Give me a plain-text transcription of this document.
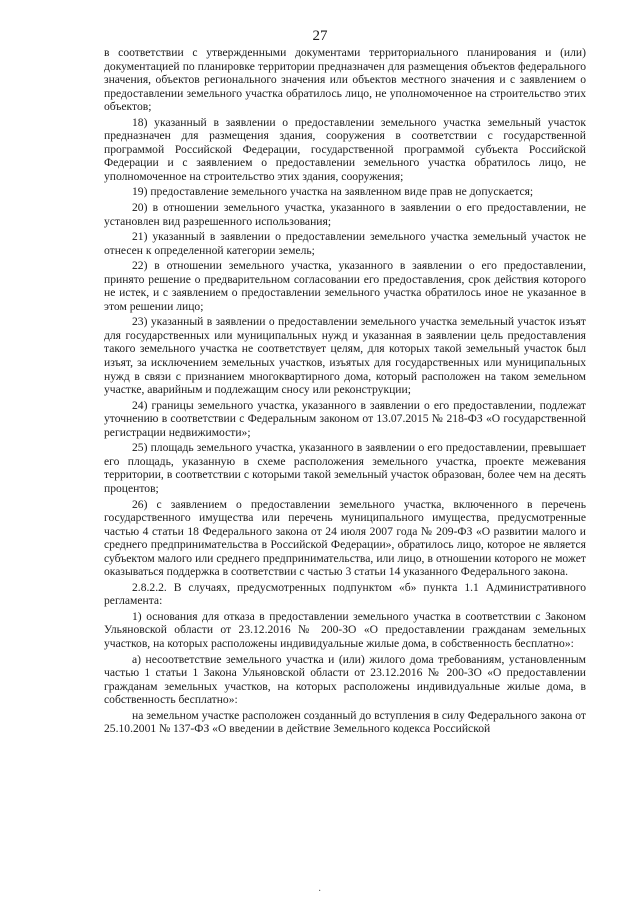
27

в соответствии с утвержденными документами территориального планирования и (или) документацией по планировке территории предназначен для размещения объектов федерального значения, объектов регионального значения или объектов местного значения и с заявлением о предоставлении земельного участка обратилось лицо, не уполномоченное на строительство этих объектов;

18) указанный в заявлении о предоставлении земельного участка земельный участок предназначен для размещения здания, сооружения в соответствии с государственной программой Российской Федерации, государственной программой субъекта Российской Федерации и с заявлением о предоставлении земельного участка обратилось лицо, не уполномоченное на строительство этих здания, сооружения;

19) предоставление земельного участка на заявленном виде прав не допускается;

20) в отношении земельного участка, указанного в заявлении о его предоставлении, не установлен вид разрешенного использования;

21) указанный в заявлении о предоставлении земельного участка земельный участок не отнесен к определенной категории земель;

22) в отношении земельного участка, указанного в заявлении о его предоставлении, принято решение о предварительном согласовании его предоставления, срок действия которого не истек, и с заявлением о предоставлении земельного участка обратилось иное не указанное в этом решении лицо;

23) указанный в заявлении о предоставлении земельного участка земельный участок изъят для государственных или муниципальных нужд и указанная в заявлении цель предоставления такого земельного участка не соответствует целям, для которых такой земельный участок был изъят, за исключением земельных участков, изъятых для государственных или муниципальных нужд в связи с признанием многоквартирного дома, который расположен на таком земельном участке, аварийным и подлежащим сносу или реконструкции;

24) границы земельного участка, указанного в заявлении о его предоставлении, подлежат уточнению в соответствии с Федеральным законом от 13.07.2015 № 218-ФЗ «О государственной регистрации недвижимости»;

25) площадь земельного участка, указанного в заявлении о его предоставлении, превышает его площадь, указанную в схеме расположения земельного участка, проекте межевания территории, в соответствии с которыми такой земельный участок образован, более чем на десять процентов;

26) с заявлением о предоставлении земельного участка, включенного в перечень государственного имущества или перечень муниципального имущества, предусмотренные частью 4 статьи 18 Федерального закона от 24 июля 2007 года № 209-ФЗ «О развитии малого и среднего предпринимательства в Российской Федерации», обратилось лицо, которое не является субъектом малого или среднего предпринимательства, или лицо, в отношении которого не может оказываться поддержка в соответствии с частью 3 статьи 14 указанного Федерального закона.

2.8.2.2. В случаях, предусмотренных подпунктом «б» пункта 1.1 Административного регламента:

1) основания для отказа в предоставлении земельного участка в соответствии с Законом Ульяновской области от 23.12.2016 № 200-ЗО «О предоставлении гражданам земельных участков, на которых расположены индивидуальные жилые дома, в собственность бесплатно»:

а) несоответствие земельного участка и (или) жилого дома требованиям, установленным частью 1 статьи 1 Закона Ульяновской области от 23.12.2016 № 200-ЗО «О предоставлении гражданам земельных участков, на которых расположены индивидуальные жилые дома, в собственность бесплатно»:

на земельном участке расположен созданный до вступления в силу Федерального закона от 25.10.2001 № 137-ФЗ «О введении в действие Земельного кодекса Российской

·
